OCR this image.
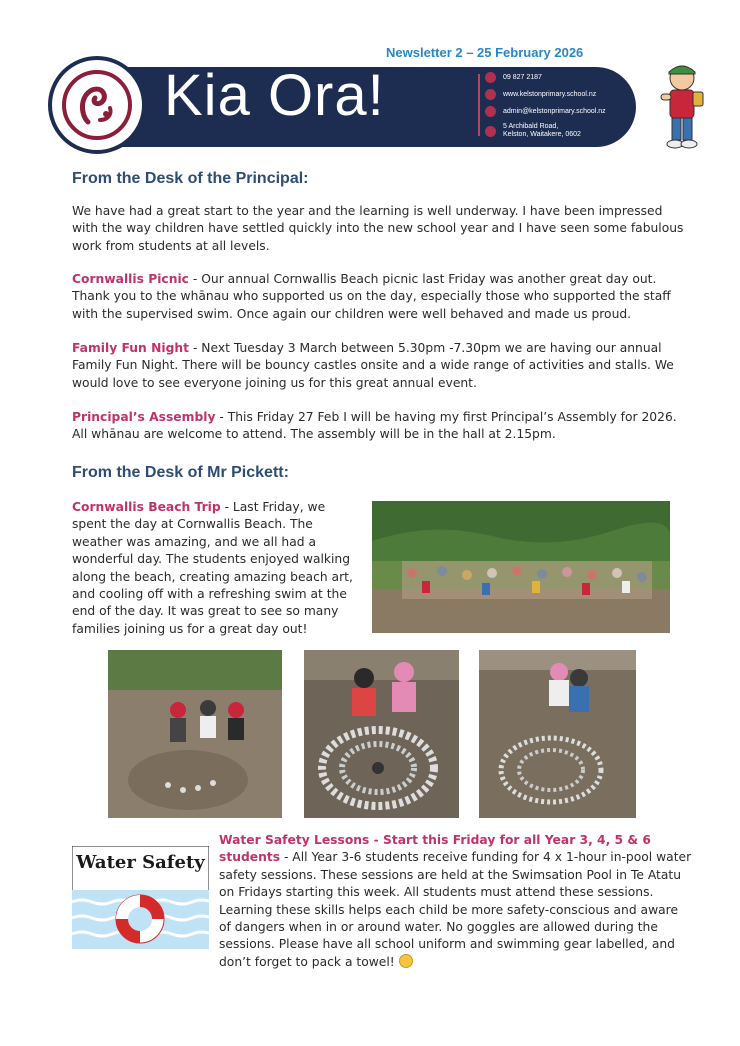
Newsletter 2 – 25 February 2026
Kia Ora!	09 827 2187
www.kelstonprimary.school.nz
admin@kelstonprimary.school.nz
5 Archibald Road, Kelston, Waitakere, 0602
From the Desk of the Principal:
We have had a great start to the year and the learning is well underway. I have been impressed with the way children have settled quickly into the new school year and I have seen some fabulous work from students at all levels.
Cornwallis Picnic - Our annual Cornwallis Beach picnic last Friday was another great day out. Thank you to the whānau who supported us on the day, especially those who supported the staff with the supervised swim. Once again our children were well behaved and made us proud.
Family Fun Night - Next Tuesday 3 March between 5.30pm -7.30pm we are having our annual Family Fun Night. There will be bouncy castles onsite and a wide range of activities and stalls. We would love to see everyone joining us for this great annual event.
Principal’s Assembly - This Friday 27 Feb I will be having my first Principal’s Assembly for 2026. All whānau are welcome to attend. The assembly will be in the hall at 2.15pm.
From the Desk of Mr Pickett:
Cornwallis Beach Trip - Last Friday, we spent the day at Cornwallis Beach. The weather was amazing, and we all had a wonderful day. The students enjoyed walking along the beach, creating amazing beach art, and cooling off with a refreshing swim at the end of the day. It was great to see so many families joining us for a great day out!
Water Safety
Water Safety Lessons - Start this Friday for all Year 3, 4, 5 & 6 students - All Year 3-6 students receive funding for 4 x 1-hour in-pool water safety sessions. These sessions are held at the Swimsation Pool in Te Atatu on Fridays starting this week. All students must attend these sessions. Learning these skills helps each child be more safety-conscious and aware of dangers when in or around water. No goggles are allowed during the sessions. Please have all school uniform and swimming gear labelled, and don’t forget to pack a towel!
